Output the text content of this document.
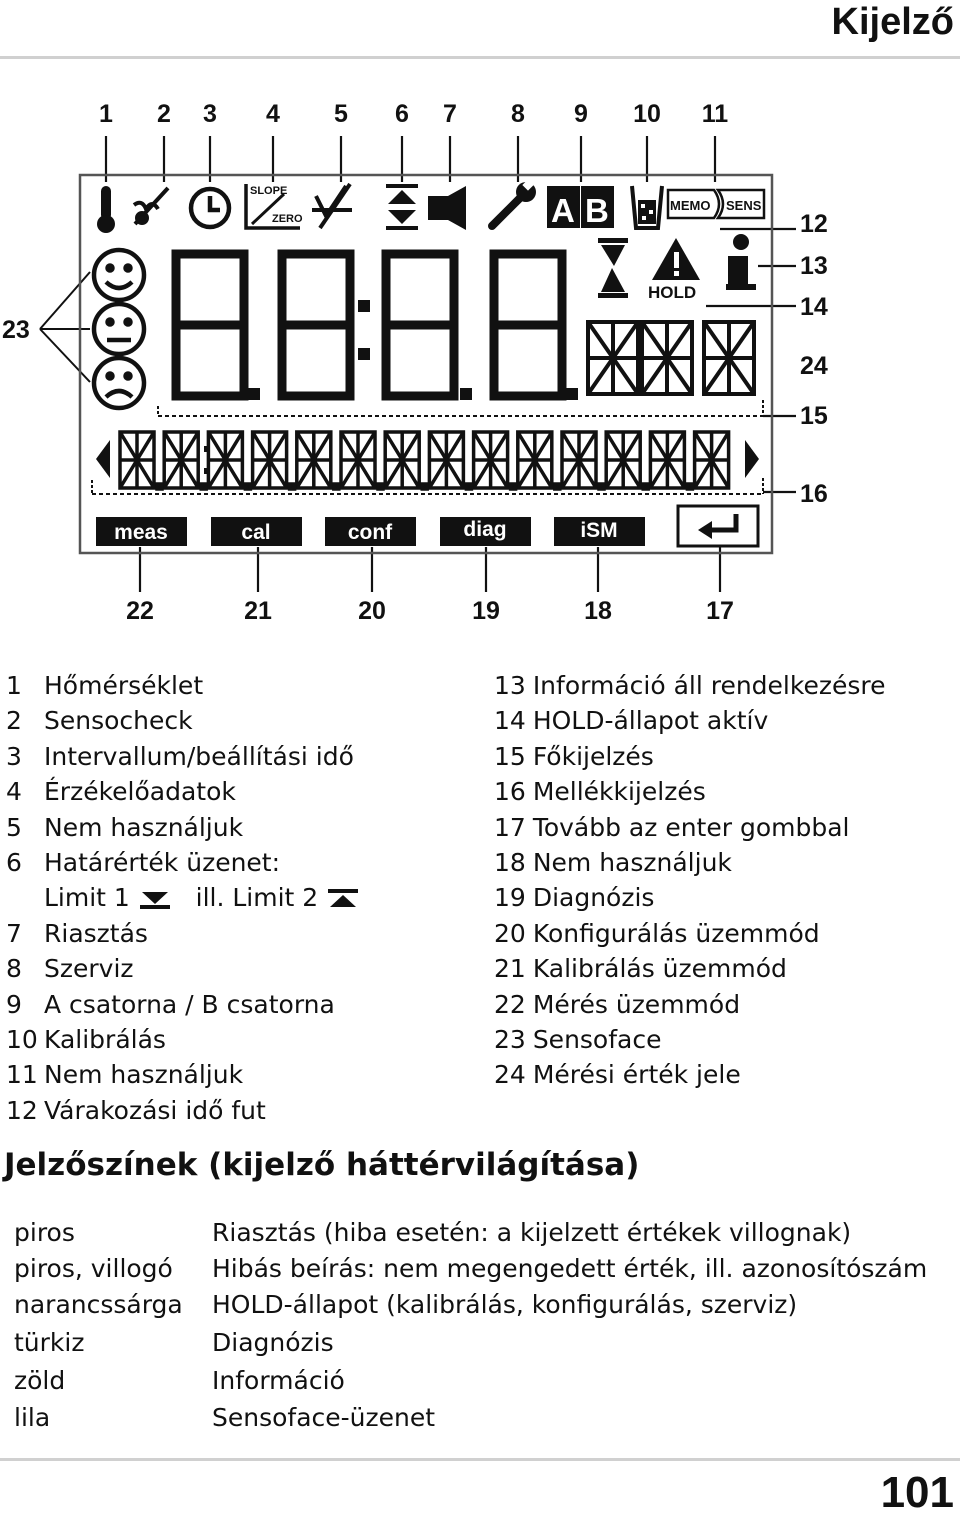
Kijelző
1 2 3 4 5 6 7 8 9 10 11
12
13
14
24
15
16
22	21	20	19	18	17
23
SLOPE
ZERO	A B	MEMO SENS
HOLD
meas	cal	conf	diag	iSM
1 Hőmérséklet
2 Sensocheck
3 Intervallum/beállítási idő
4 Érzékelőadatok
5 Nem használjuk
6 Határérték üzenet:
Limit 1	ill. Limit 2
7 Riasztás
8 Szerviz
9 A csatorna / B csatorna
10 Kalibrálás
11 Nem használjuk
12 Várakozási idő fut
13 Információ áll rendelkezésre
14 HOLD-állapot aktív
15 Főkijelzés
16 Mellékkijelzés
17 Tovább az enter gombbal
18 Nem használjuk
19 Diagnózis
20 Konfigurálás üzemmód
21 Kalibrálás üzemmód
22 Mérés üzemmód
23 Sensoface
24 Mérési érték jele
Jelzőszínek (kijelző háttérvilágítása)
piros	Riasztás (hiba esetén: a kijelzett értékek villognak)
piros, villogó Hibás beírás: nem megengedett érték, ill. azonosítószám
narancssárga HOLD-állapot (kalibrálás, konfigurálás, szerviz)
türkiz	Diagnózis
zöld	Információ
lila	Sensoface-üzenet
101
